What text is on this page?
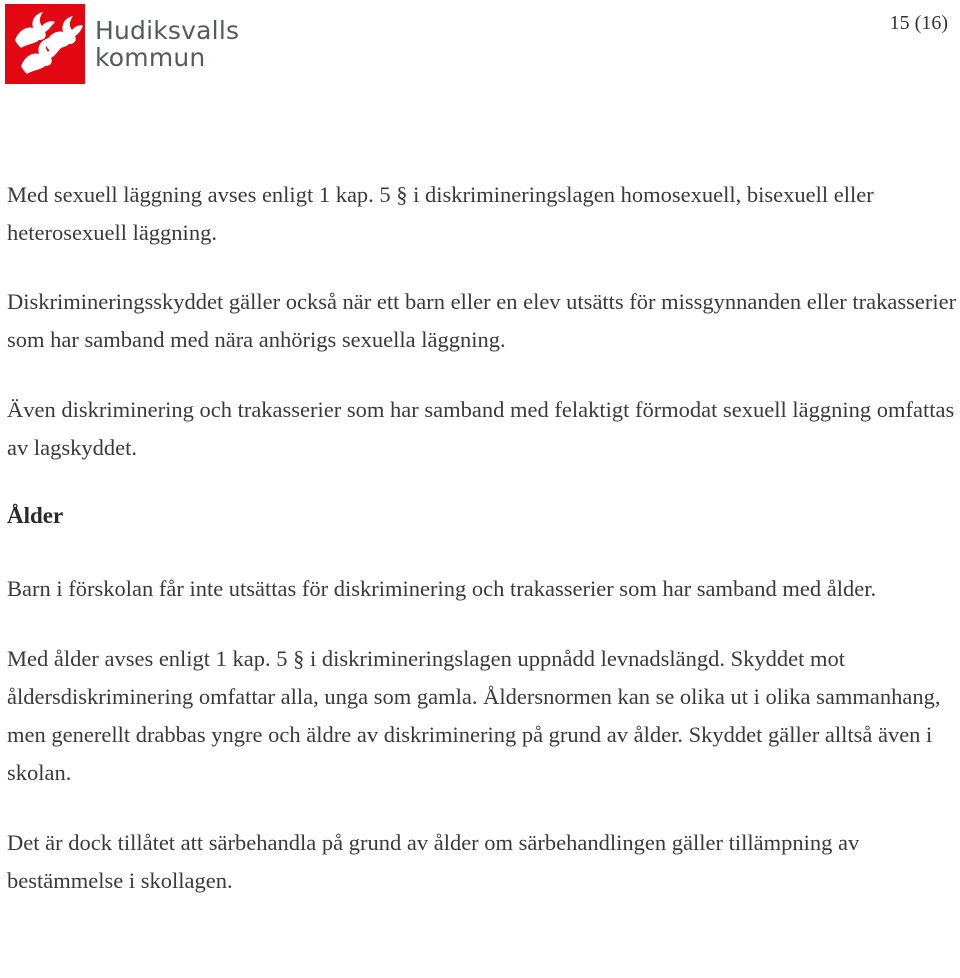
Hudiksvalls
kommun
15 (16)

Med sexuell läggning avses enligt 1 kap. 5 § i diskrimineringslagen homosexuell, bisexuell eller heterosexuell läggning.

Diskrimineringsskyddet gäller också när ett barn eller en elev utsätts för missgynnanden eller trakasserier som har samband med nära anhörigs sexuella läggning.

Även diskriminering och trakasserier som har samband med felaktigt förmodat sexuell läggning omfattas av lagskyddet.

Ålder

Barn i förskolan får inte utsättas för diskriminering och trakasserier som har samband med ålder.

Med ålder avses enligt 1 kap. 5 § i diskrimineringslagen uppnådd levnadslängd. Skyddet mot åldersdiskriminering omfattar alla, unga som gamla. Åldersnormen kan se olika ut i olika sammanhang, men generellt drabbas yngre och äldre av diskriminering på grund av ålder. Skyddet gäller alltså även i skolan.

Det är dock tillåtet att särbehandla på grund av ålder om särbehandlingen gäller tillämpning av bestämmelse i skollagen.
